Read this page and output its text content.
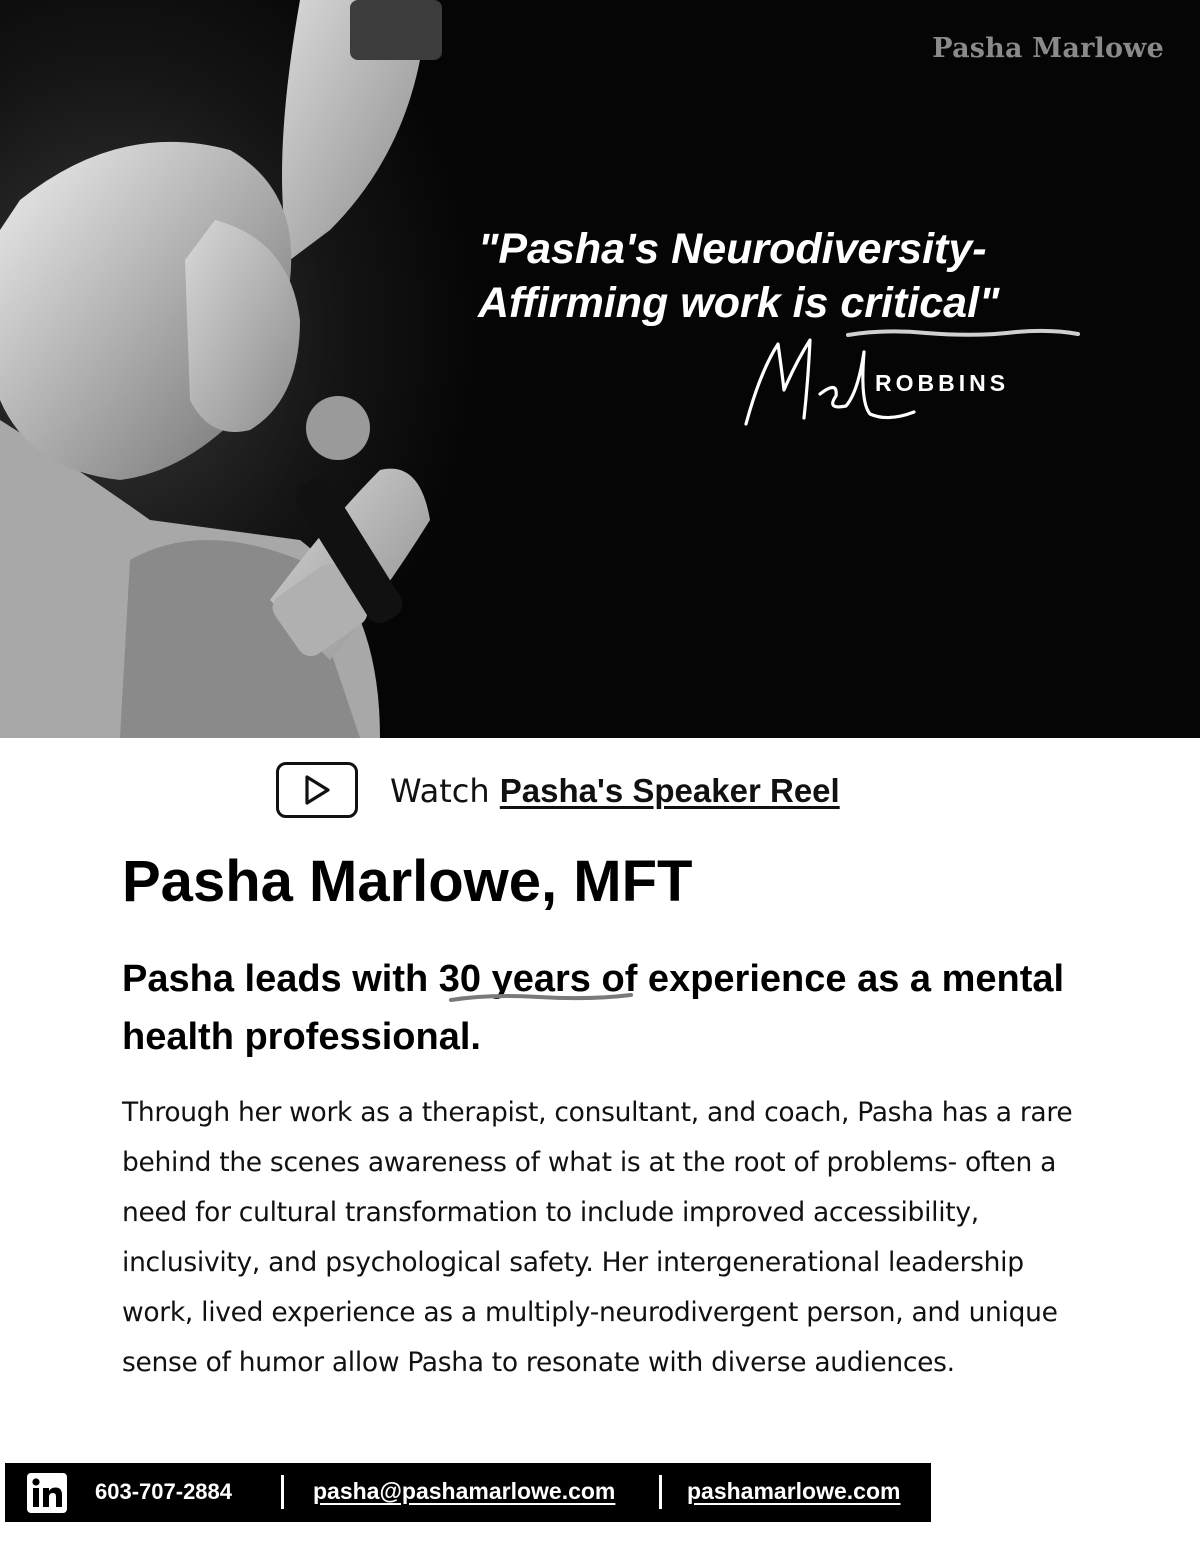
Pasha Marlowe
"Pasha's Neurodiversity-
Affirming work is critical"
Mel
ROBBINS
Watch Pasha's Speaker Reel
Pasha Marlowe, MFT

Pasha leads with 30 years of experience as a mental health professional.

Through her work as a therapist, consultant, and coach, Pasha has a rare behind the scenes awareness of what is at the root of problems- often a need for cultural transformation to include improved accessibility, inclusivity, and psychological safety. Her intergenerational leadership work, lived experience as a multiply-neurodivergent person, and unique sense of humor allow Pasha to resonate with diverse audiences.

603-707-2884	pasha@pashamarlowe.com	pashamarlowe.com
